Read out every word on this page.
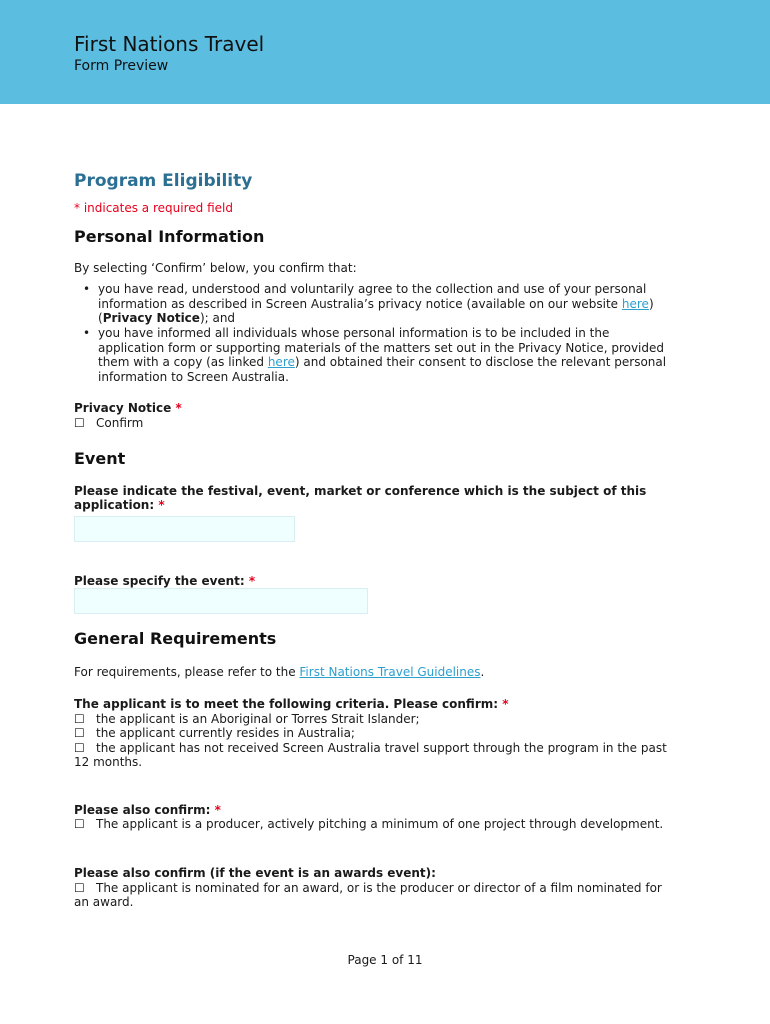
First Nations Travel
Form Preview
Program Eligibility
* indicates a required field
Personal Information

By selecting ‘Confirm’ below, you confirm that:

• you have read, understood and voluntarily agree to the collection and use of your personal information as described in Screen Australia’s privacy notice (available on our website here) (Privacy Notice); and
• you have informed all individuals whose personal information is to be included in the application form or supporting materials of the matters set out in the Privacy Notice, provided them with a copy (as linked here) and obtained their consent to disclose the relevant personal information to Screen Australia.
Privacy Notice *
☐ Confirm
Event
Please indicate the festival, event, market or conference which is the subject of this application: *
Please specify the event: *
General Requirements

For requirements, please refer to the First Nations Travel Guidelines.

The applicant is to meet the following criteria. Please confirm: *
☐ the applicant is an Aboriginal or Torres Strait Islander;
☐ the applicant currently resides in Australia;
☐ the applicant has not received Screen Australia travel support through the program in the past 12 months.
Please also confirm: *
☐ The applicant is a producer, actively pitching a minimum of one project through development.
Please also confirm (if the event is an awards event):
☐ The applicant is nominated for an award, or is the producer or director of a film nominated for an award.
Page 1 of 11
